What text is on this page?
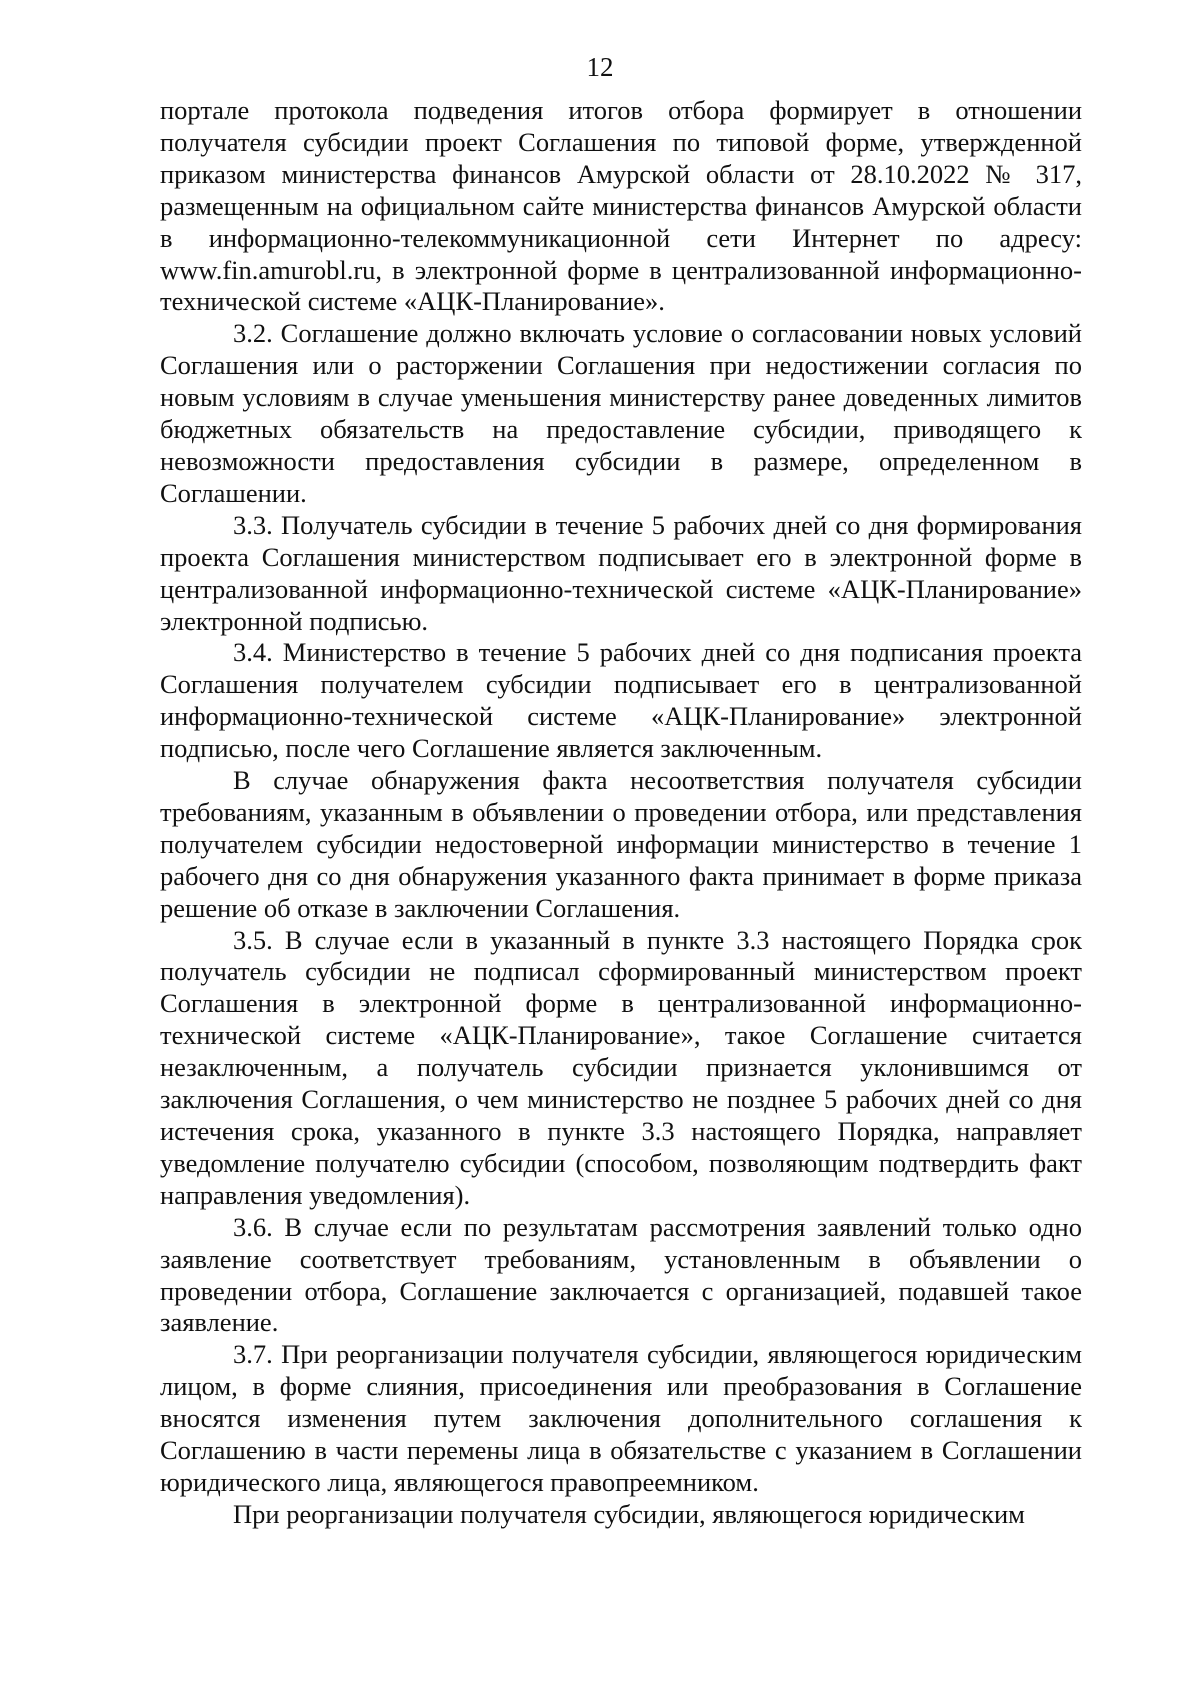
12

портале протокола подведения итогов отбора формирует в отношении получателя субсидии проект Соглашения по типовой форме, утвержденной приказом министерства финансов Амурской области от 28.10.2022 № 317, размещенным на официальном сайте министерства финансов Амурской области в информационно-телекоммуникационной сети Интернет по адресу: www.fin.amurobl.ru, в электронной форме в централизованной информационно-технической системе «АЦК-Планирование».

3.2. Соглашение должно включать условие о согласовании новых условий Соглашения или о расторжении Соглашения при недостижении согласия по новым условиям в случае уменьшения министерству ранее доведенных лимитов бюджетных обязательств на предоставление субсидии, приводящего к невозможности предоставления субсидии в размере, определенном в Соглашении.

3.3. Получатель субсидии в течение 5 рабочих дней со дня формирования проекта Соглашения министерством подписывает его в электронной форме в централизованной информационно-технической системе «АЦК-Планирование» электронной подписью.

3.4. Министерство в течение 5 рабочих дней со дня подписания проекта Соглашения получателем субсидии подписывает его в централизованной информационно-технической системе «АЦК-Планирование» электронной подписью, после чего Соглашение является заключенным.

В случае обнаружения факта несоответствия получателя субсидии требованиям, указанным в объявлении о проведении отбора, или представления получателем субсидии недостоверной информации министерство в течение 1 рабочего дня со дня обнаружения указанного факта принимает в форме приказа решение об отказе в заключении Соглашения.

3.5. В случае если в указанный в пункте 3.3 настоящего Порядка срок получатель субсидии не подписал сформированный министерством проект Соглашения в электронной форме в централизованной информационно-технической системе «АЦК-Планирование», такое Соглашение считается незаключенным, а получатель субсидии признается уклонившимся от заключения Соглашения, о чем министерство не позднее 5 рабочих дней со дня истечения срока, указанного в пункте 3.3 настоящего Порядка, направляет уведомление получателю субсидии (способом, позволяющим подтвердить факт направления уведомления).

3.6. В случае если по результатам рассмотрения заявлений только одно заявление соответствует требованиям, установленным в объявлении о проведении отбора, Соглашение заключается с организацией, подавшей такое заявление.

3.7. При реорганизации получателя субсидии, являющегося юридическим лицом, в форме слияния, присоединения или преобразования в Соглашение вносятся изменения путем заключения дополнительного соглашения к Соглашению в части перемены лица в обязательстве с указанием в Соглашении юридического лица, являющегося правопреемником.

При реорганизации получателя субсидии, являющегося юридическим
